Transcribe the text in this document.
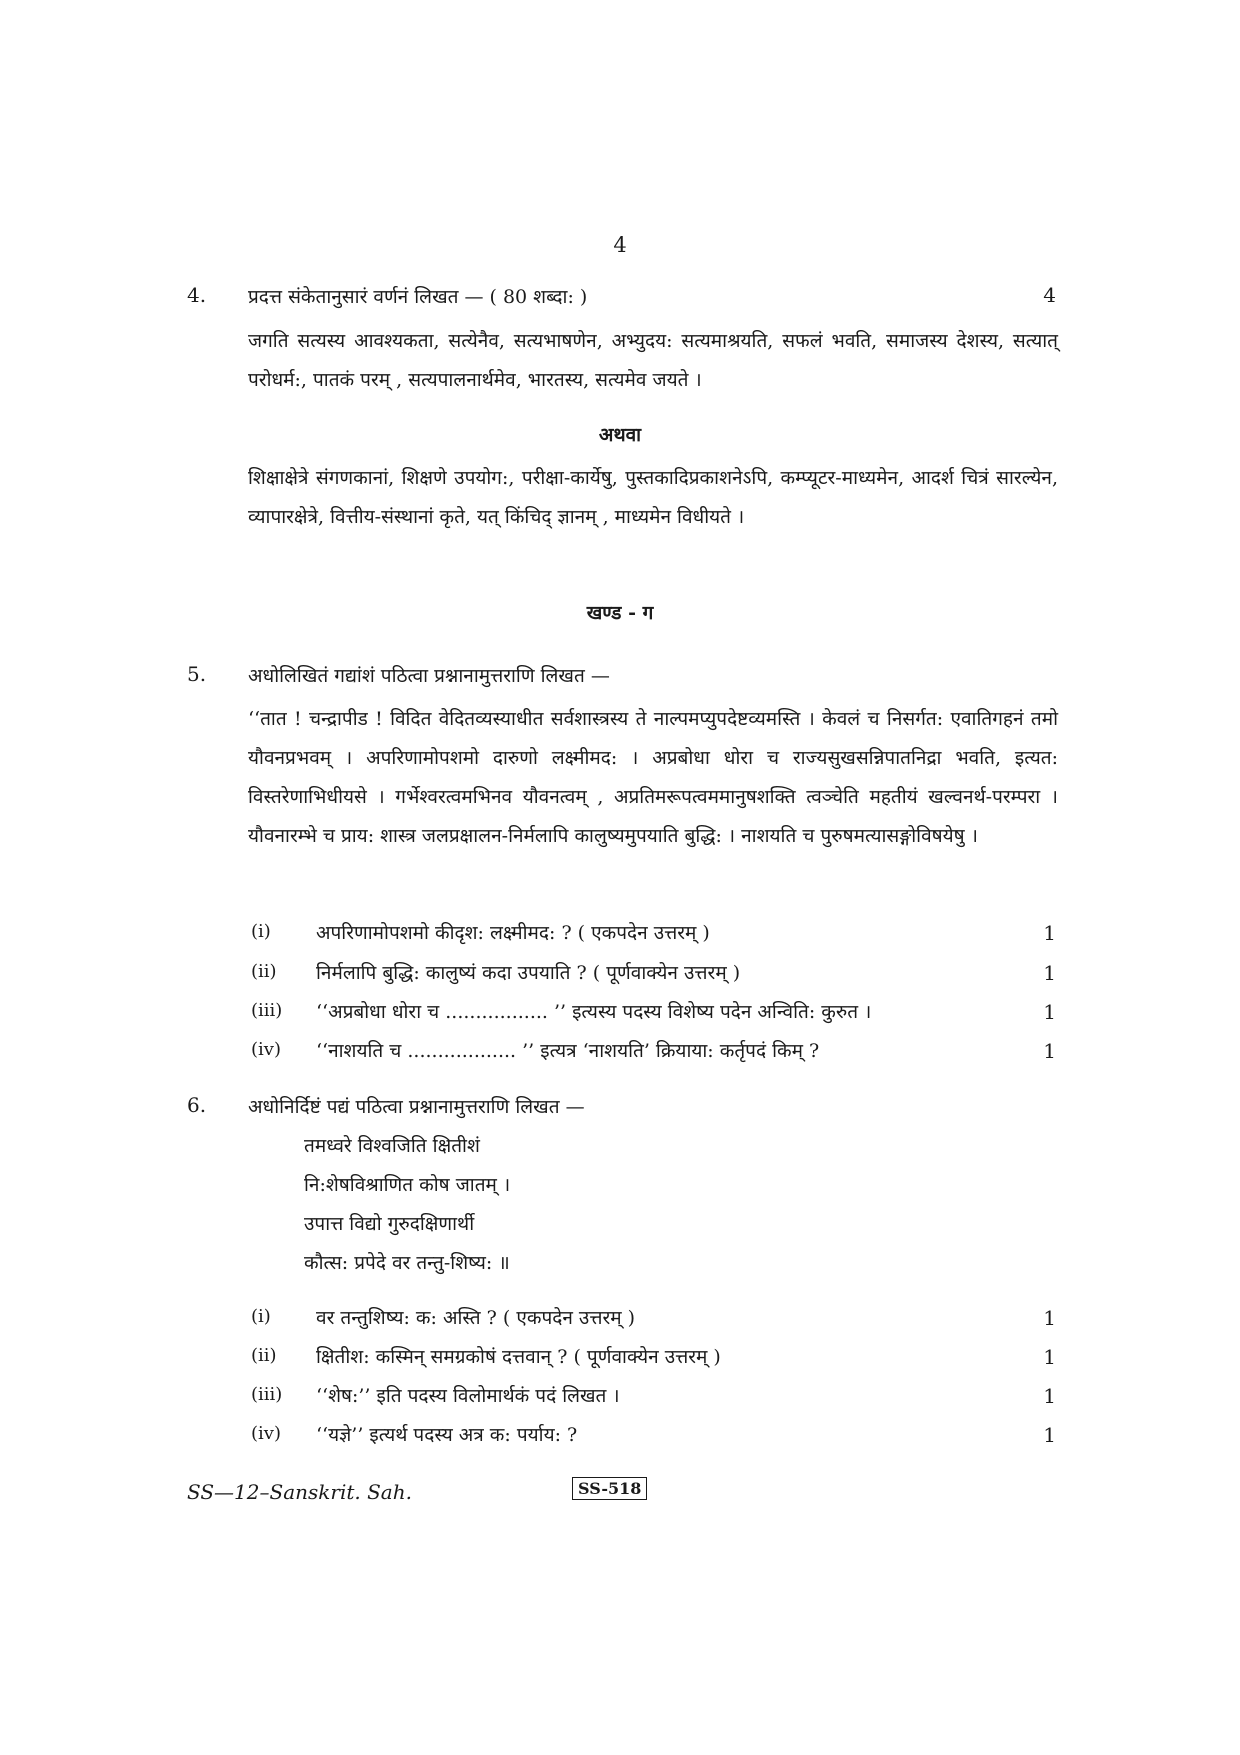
4
4. प्रदत्त संकेतानुसारं वर्णनं लिखत — ( 80 शब्दा: )	4
जगति सत्यस्य आवश्यकता, सत्येनैव, सत्यभाषणेन, अभ्युदय: सत्यमाश्रयति, सफलं भवति, समाजस्य देशस्य, सत्यात् परोधर्म:, पातकं परम् , सत्यपालनार्थमेव, भारतस्य, सत्यमेव जयते ।
अथवा
शिक्षाक्षेत्रे संगणकानां, शिक्षणे उपयोग:, परीक्षा-कार्येषु, पुस्तकादिप्रकाशनेऽपि, कम्प्यूटर-माध्यमेन, आदर्श चित्रं सारल्येन, व्यापारक्षेत्रे, वित्तीय-संस्थानां कृते, यत् किंचिद् ज्ञानम् , माध्यमेन विधीयते ।
खण्ड - ग
5. अधोलिखितं गद्यांशं पठित्वा प्रश्नानामुत्तराणि लिखत —
‘‘तात ! चन्द्रापीड ! विदित वेदितव्यस्याधीत सर्वशास्त्रस्य ते नाल्पमप्युपदेष्टव्यमस्ति । केवलं च निसर्गत: एवातिगहनं तमो यौवनप्रभवम् । अपरिणामोपशमो दारुणो लक्ष्मीमद: । अप्रबोधा धोरा च राज्यसुखसन्निपातनिद्रा भवति, इत्यत: विस्तरेणाभिधीयसे । गर्भेश्वरत्वमभिनव यौवनत्वम् , अप्रतिमरूपत्वममानुषशक्ति त्वञ्चेति महतीयं खल्वनर्थ-परम्परा । यौवनारम्भे च प्राय: शास्त्र जलप्रक्षालन-निर्मलापि कालुष्यमुपयाति बुद्धि: । नाशयति च पुरुषमत्यासङ्गोविषयेषु ।
(i) अपरिणामोपशमो कीदृश: लक्ष्मीमद: ? ( एकपदेन उत्तरम् )	1
(ii) निर्मलापि बुद्धि: कालुष्यं कदा उपयाति ? ( पूर्णवाक्येन उत्तरम् )	1
(iii) ‘‘अप्रबोधा धोरा च ................. ’’ इत्यस्य पदस्य विशेष्य पदेन अन्विति: कुरुत ।	1
(iv) ‘‘नाशयति च .................. ’’ इत्यत्र ‘नाशयति’ क्रियाया: कर्तृपदं किम् ?	1
6. अधोनिर्दिष्टं पद्यं पठित्वा प्रश्नानामुत्तराणि लिखत —
तमध्वरे विश्वजिति क्षितीशं
नि:शेषविश्राणित कोष जातम् ।
उपात्त विद्यो गुरुदक्षिणार्थी
कौत्स: प्रपेदे वर तन्तु-शिष्य: ॥
(i) वर तन्तुशिष्य: क: अस्ति ? ( एकपदेन उत्तरम् )	1
(ii) क्षितीश: कस्मिन् समग्रकोषं दत्तवान् ? ( पूर्णवाक्येन उत्तरम् )	1
(iii) ‘‘शेष:’’ इति पदस्य विलोमार्थकं पदं लिखत ।	1
(iv) ‘‘यज्ञे’’ इत्यर्थ पदस्य अत्र क: पर्याय: ?	1
SS—12–Sanskrit. Sah.	SS-518
